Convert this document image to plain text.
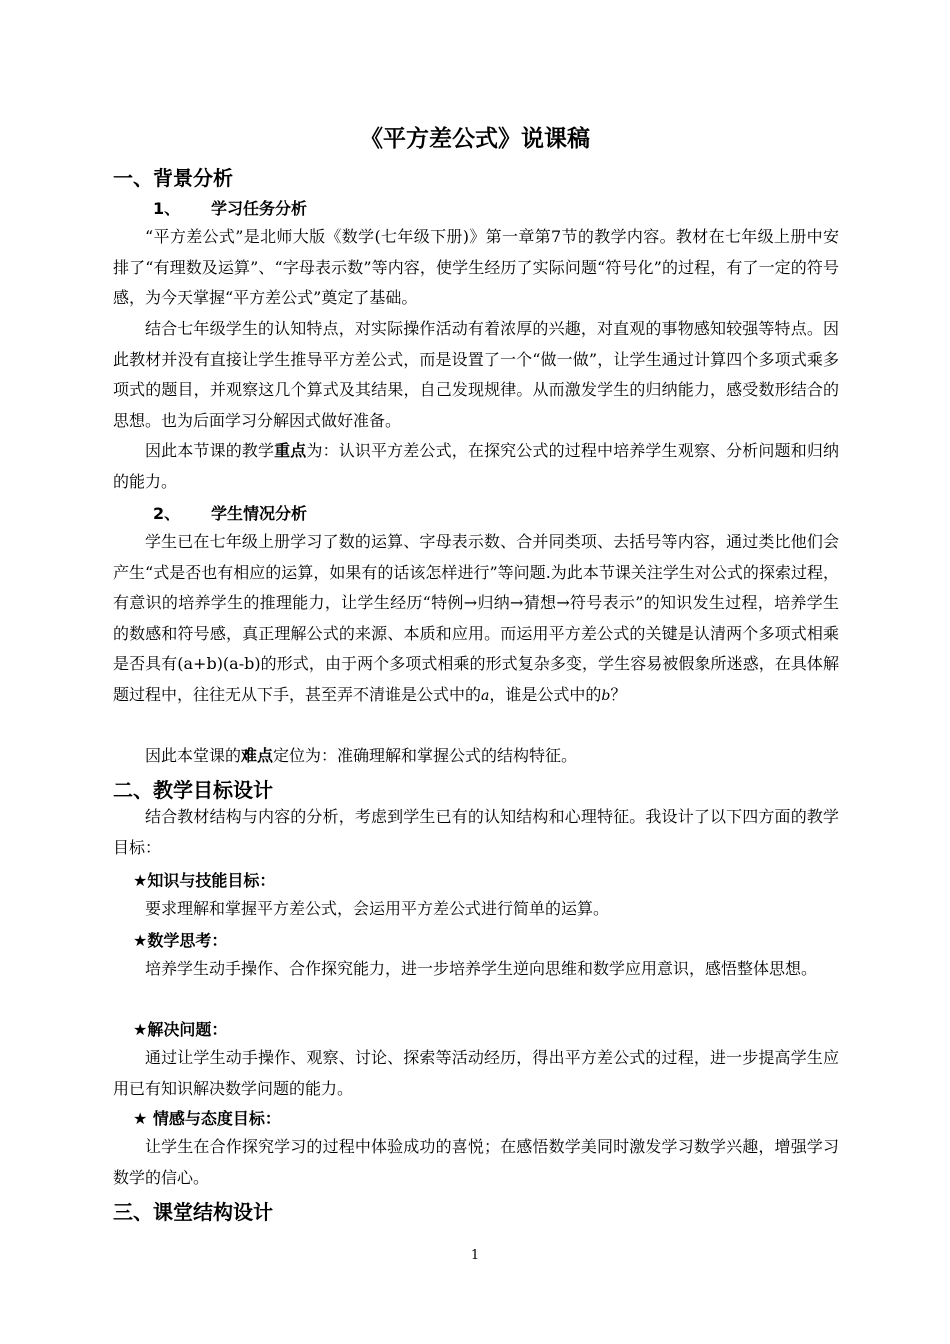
《平方差公式》说课稿
一、背景分析
1、 学习任务分析

“平方差公式”是北师大版《数学(七年级下册)》第一章第7节的教学内容。教材在七年级上册中安排了“有理数及运算”、“字母表示数”等内容，使学生经历了实际问题“符号化”的过程，有了一定的符号感，为今天掌握“平方差公式”奠定了基础。

结合七年级学生的认知特点，对实际操作活动有着浓厚的兴趣，对直观的事物感知较强等特点。因此教材并没有直接让学生推导平方差公式，而是设置了一个“做一做”，让学生通过计算四个多项式乘多项式的题目，并观察这几个算式及其结果，自己发现规律。从而激发学生的归纳能力，感受数形结合的思想。也为后面学习分解因式做好准备。

因此本节课的教学重点为：认识平方差公式，在探究公式的过程中培养学生观察、分析问题和归纳的能力。

2、 学生情况分析

学生已在七年级上册学习了数的运算、字母表示数、合并同类项、去括号等内容，通过类比他们会产生“式是否也有相应的运算，如果有的话该怎样进行”等问题.为此本节课关注学生对公式的探索过程，有意识的培养学生的推理能力，让学生经历“特例→归纳→猜想→符号表示”的知识发生过程，培养学生的数感和符号感，真正理解公式的来源、本质和应用。而运用平方差公式的关键是认清两个多项式相乘是否具有(a+b)(a-b)的形式，由于两个多项式相乘的形式复杂多变，学生容易被假象所迷惑，在具体解题过程中，往往无从下手，甚至弄不清谁是公式中的a，谁是公式中的b？

因此本堂课的难点定位为：准确理解和掌握公式的结构特征。

二、教学目标设计

结合教材结构与内容的分析，考虑到学生已有的认知结构和心理特征。我设计了以下四方面的教学目标：

★知识与技能目标：

要求理解和掌握平方差公式，会运用平方差公式进行简单的运算。

★数学思考：

培养学生动手操作、合作探究能力，进一步培养学生逆向思维和数学应用意识，感悟整体思想。

★解决问题：

通过让学生动手操作、观察、讨论、探索等活动经历，得出平方差公式的过程，进一步提高学生应用已有知识解决数学问题的能力。

★ 情感与态度目标：

让学生在合作探究学习的过程中体验成功的喜悦；在感悟数学美同时激发学习数学兴趣，增强学习数学的信心。

三、课堂结构设计
1
